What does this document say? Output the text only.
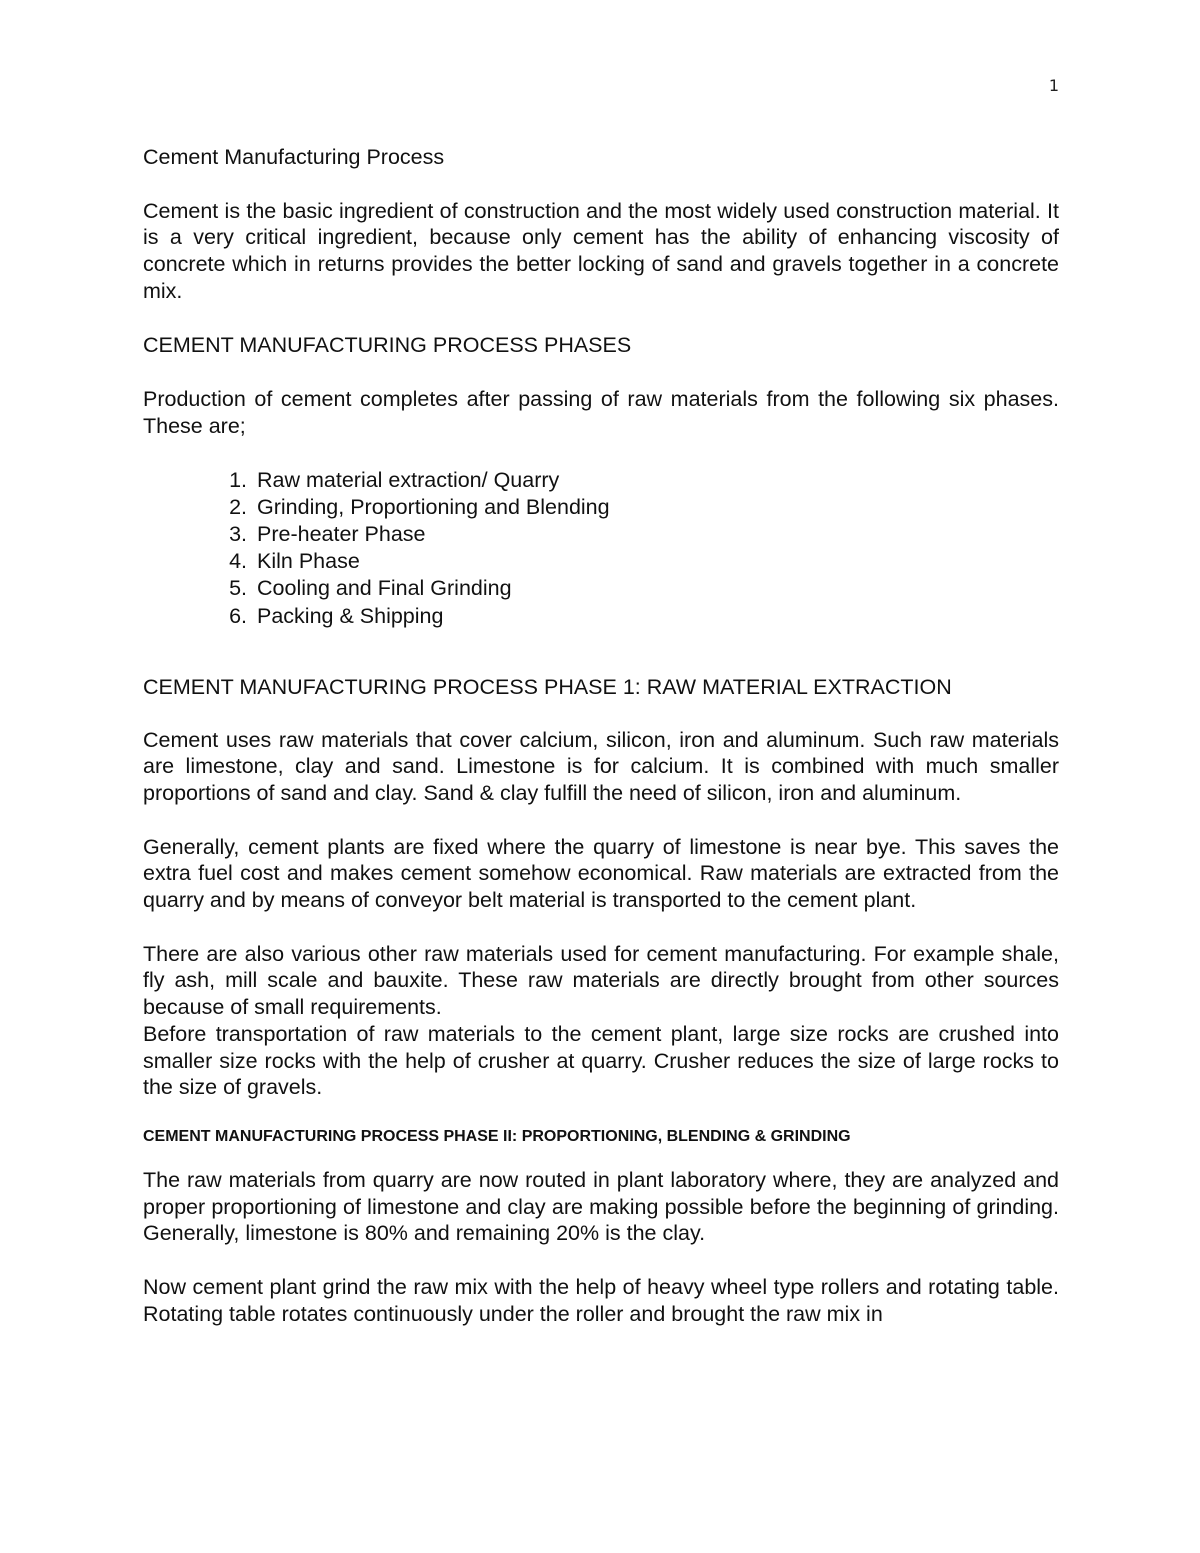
1
Cement Manufacturing Process

Cement is the basic ingredient of construction and the most widely used construction material. It is a very critical ingredient, because only cement has the ability of enhancing viscosity of concrete which in returns provides the better locking of sand and gravels together in a concrete mix.

CEMENT MANUFACTURING PROCESS PHASES

Production of cement completes after passing of raw materials from the following six phases. These are;

1. Raw material extraction/ Quarry
2. Grinding, Proportioning and Blending
3. Pre-heater Phase
4. Kiln Phase
5. Cooling and Final Grinding
6. Packing & Shipping
CEMENT MANUFACTURING PROCESS PHASE 1: RAW MATERIAL EXTRACTION

Cement uses raw materials that cover calcium, silicon, iron and aluminum. Such raw materials are limestone, clay and sand. Limestone is for calcium. It is combined with much smaller proportions of sand and clay. Sand & clay fulfill the need of silicon, iron and aluminum.

Generally, cement plants are fixed where the quarry of limestone is near bye. This saves the extra fuel cost and makes cement somehow economical. Raw materials are extracted from the quarry and by means of conveyor belt material is transported to the cement plant.

There are also various other raw materials used for cement manufacturing. For example shale, fly ash, mill scale and bauxite. These raw materials are directly brought from other sources because of small requirements.

Before transportation of raw materials to the cement plant, large size rocks are crushed into smaller size rocks with the help of crusher at quarry. Crusher reduces the size of large rocks to the size of gravels.

CEMENT MANUFACTURING PROCESS PHASE II: PROPORTIONING, BLENDING & GRINDING

The raw materials from quarry are now routed in plant laboratory where, they are analyzed and proper proportioning of limestone and clay are making possible before the beginning of grinding. Generally, limestone is 80% and remaining 20% is the clay.

Now cement plant grind the raw mix with the help of heavy wheel type rollers and rotating table. Rotating table rotates continuously under the roller and brought the raw mix in
